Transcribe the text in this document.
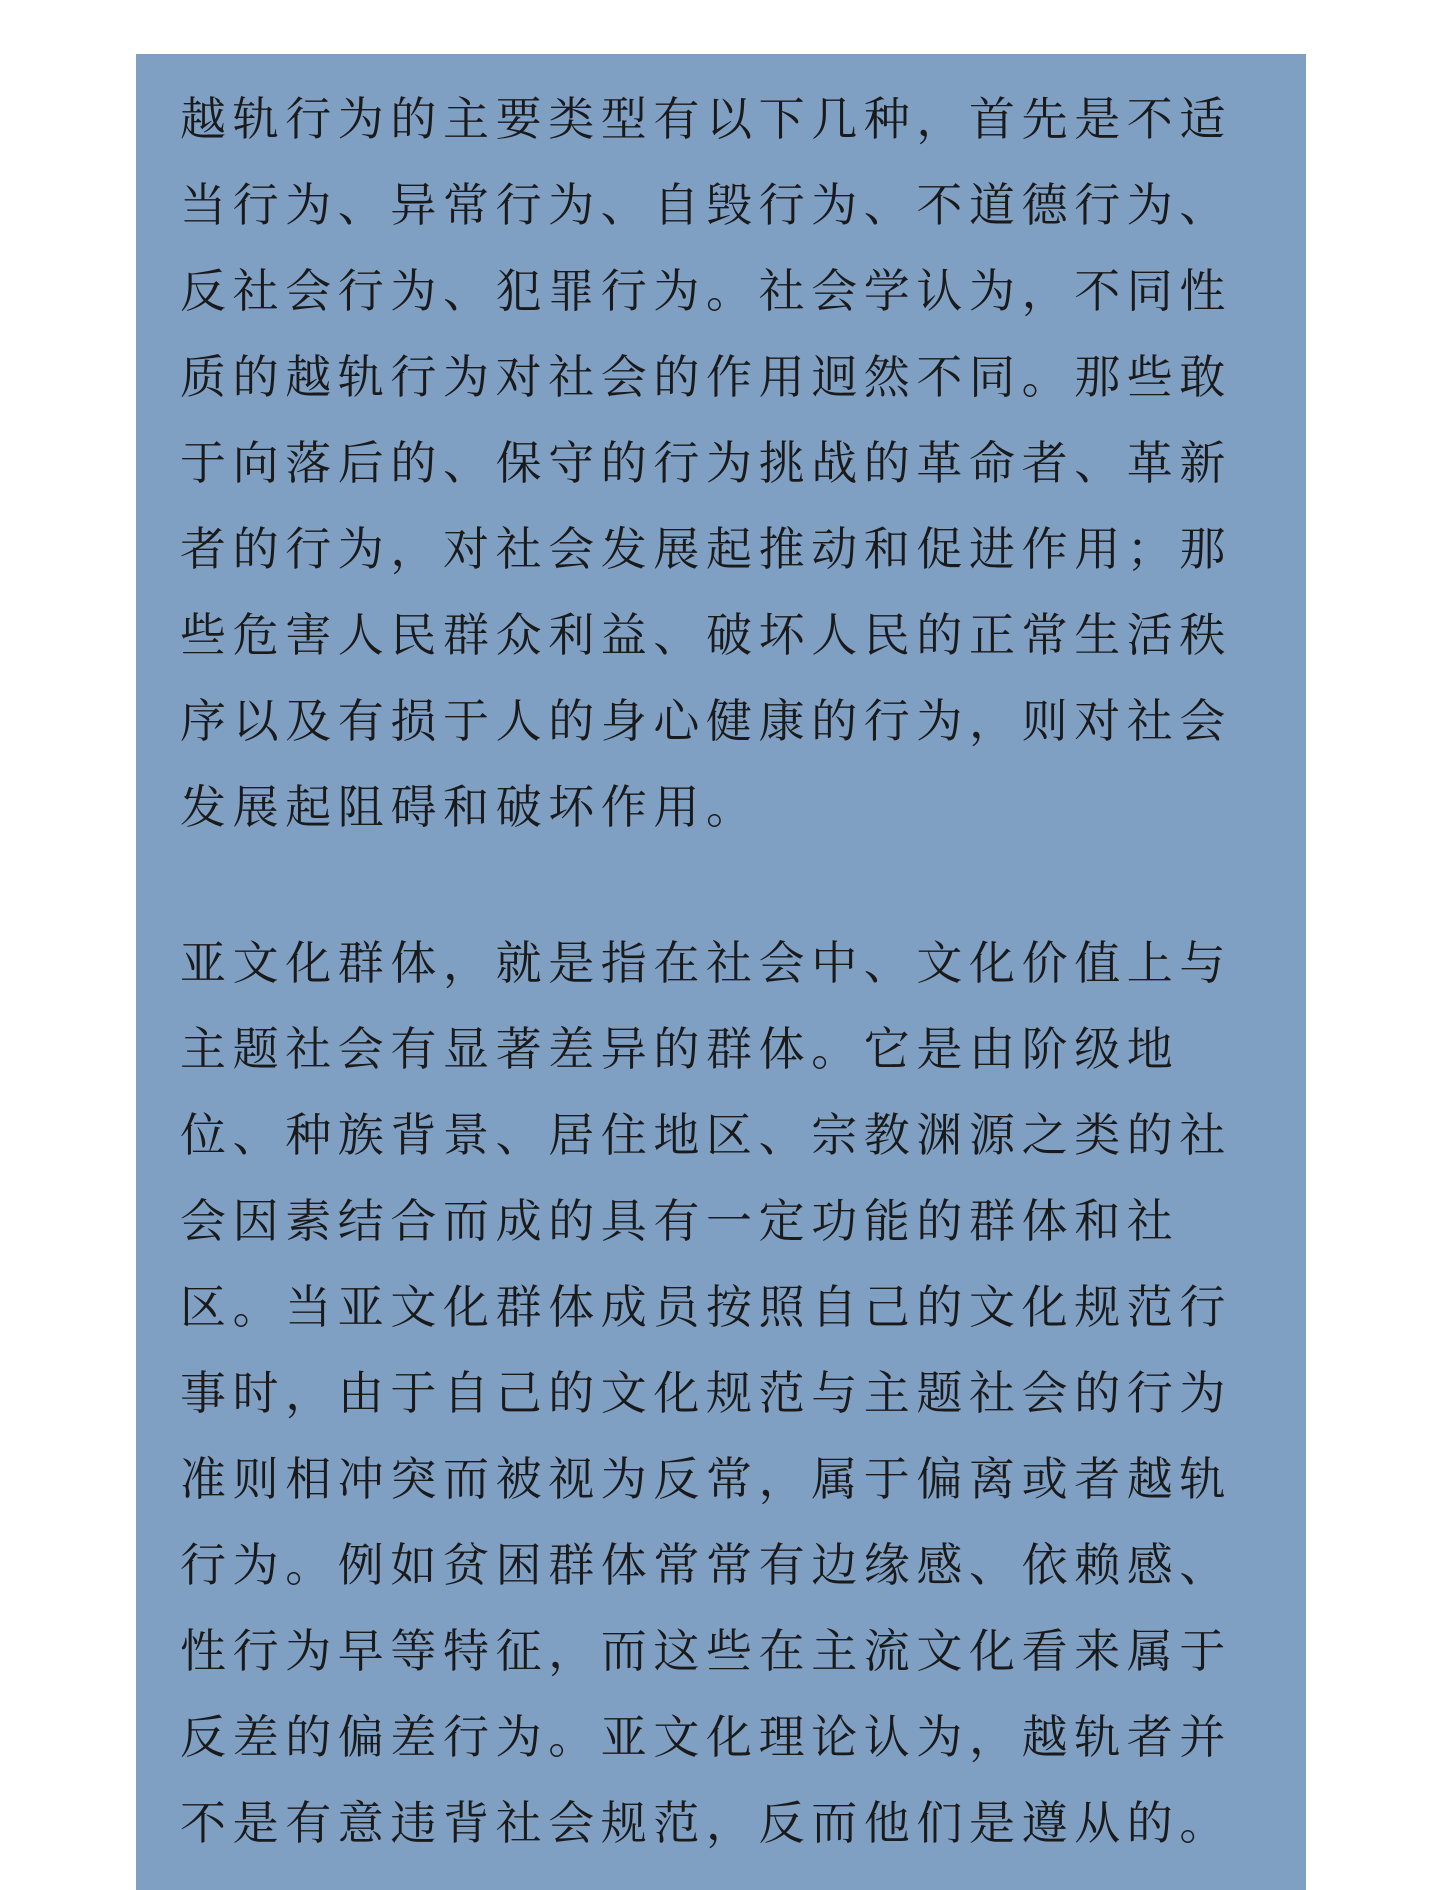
越轨行为的主要类型有以下几种，首先是不适
当行为、异常行为、自毁行为、不道德行为、
反社会行为、犯罪行为。社会学认为，不同性
质的越轨行为对社会的作用迥然不同。那些敢
于向落后的、保守的行为挑战的革命者、革新
者的行为，对社会发展起推动和促进作用；那
些危害人民群众利益、破坏人民的正常生活秩
序以及有损于人的身心健康的行为，则对社会
发展起阻碍和破坏作用。
亚文化群体，就是指在社会中、文化价值上与
主题社会有显著差异的群体。它是由阶级地
位、种族背景、居住地区、宗教渊源之类的社
会因素结合而成的具有一定功能的群体和社
区。当亚文化群体成员按照自己的文化规范行
事时，由于自己的文化规范与主题社会的行为
准则相冲突而被视为反常，属于偏离或者越轨
行为。例如贫困群体常常有边缘感、依赖感、
性行为早等特征，而这些在主流文化看来属于
反差的偏差行为。亚文化理论认为，越轨者并
不是有意违背社会规范，反而他们是遵从的。
